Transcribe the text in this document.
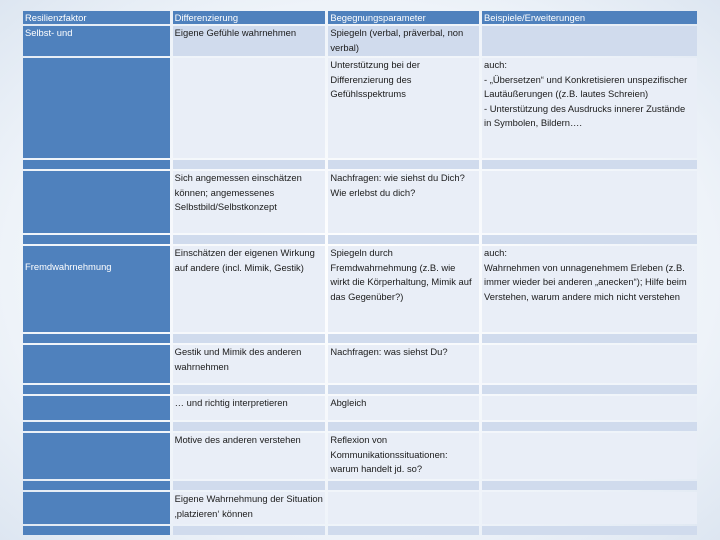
Resilienzfaktor	Differenzierung	Begegnungsparameter	Beispiele/Erweiterungen
Selbst- und	Eigene Gefühle wahrnehmen	Spiegeln (verbal, präverbal, non verbal)	
		Unterstützung bei der Differenzierung des Gefühlsspektrums	auch:
- „Übersetzen“ und Konkretisieren unspezifischer Lautäußerungen ((z.B. lautes Schreien)
- Unterstützung des Ausdrucks innerer Zustände in Symbolen, Bildern….

	Sich angemessen einschätzen können; angemessenes Selbstbild/Selbstkonzept	Nachfragen: wie siehst du Dich? Wie erlebst du dich?	

Fremdwahrnehmung	Einschätzen der eigenen Wirkung auf andere (incl. Mimik, Gestik)	Spiegeln durch Fremdwahrnehmung (z.B. wie wirkt die Körperhaltung, Mimik auf das Gegenüber?)	auch:
Wahrnehmen von unnagenehmem Erleben (z.B. immer wieder bei anderen „anecken“); Hilfe beim Verstehen, warum andere mich nicht verstehen

	Gestik und Mimik des anderen wahrnehmen	Nachfragen: was siehst Du?	

	… und richtig interpretieren	Abgleich	

	Motive des anderen verstehen	Reflexion von Kommunikationssituationen: warum handelt jd. so?	

	Eigene Wahrnehmung der Situation ‚platzieren‘ können		
